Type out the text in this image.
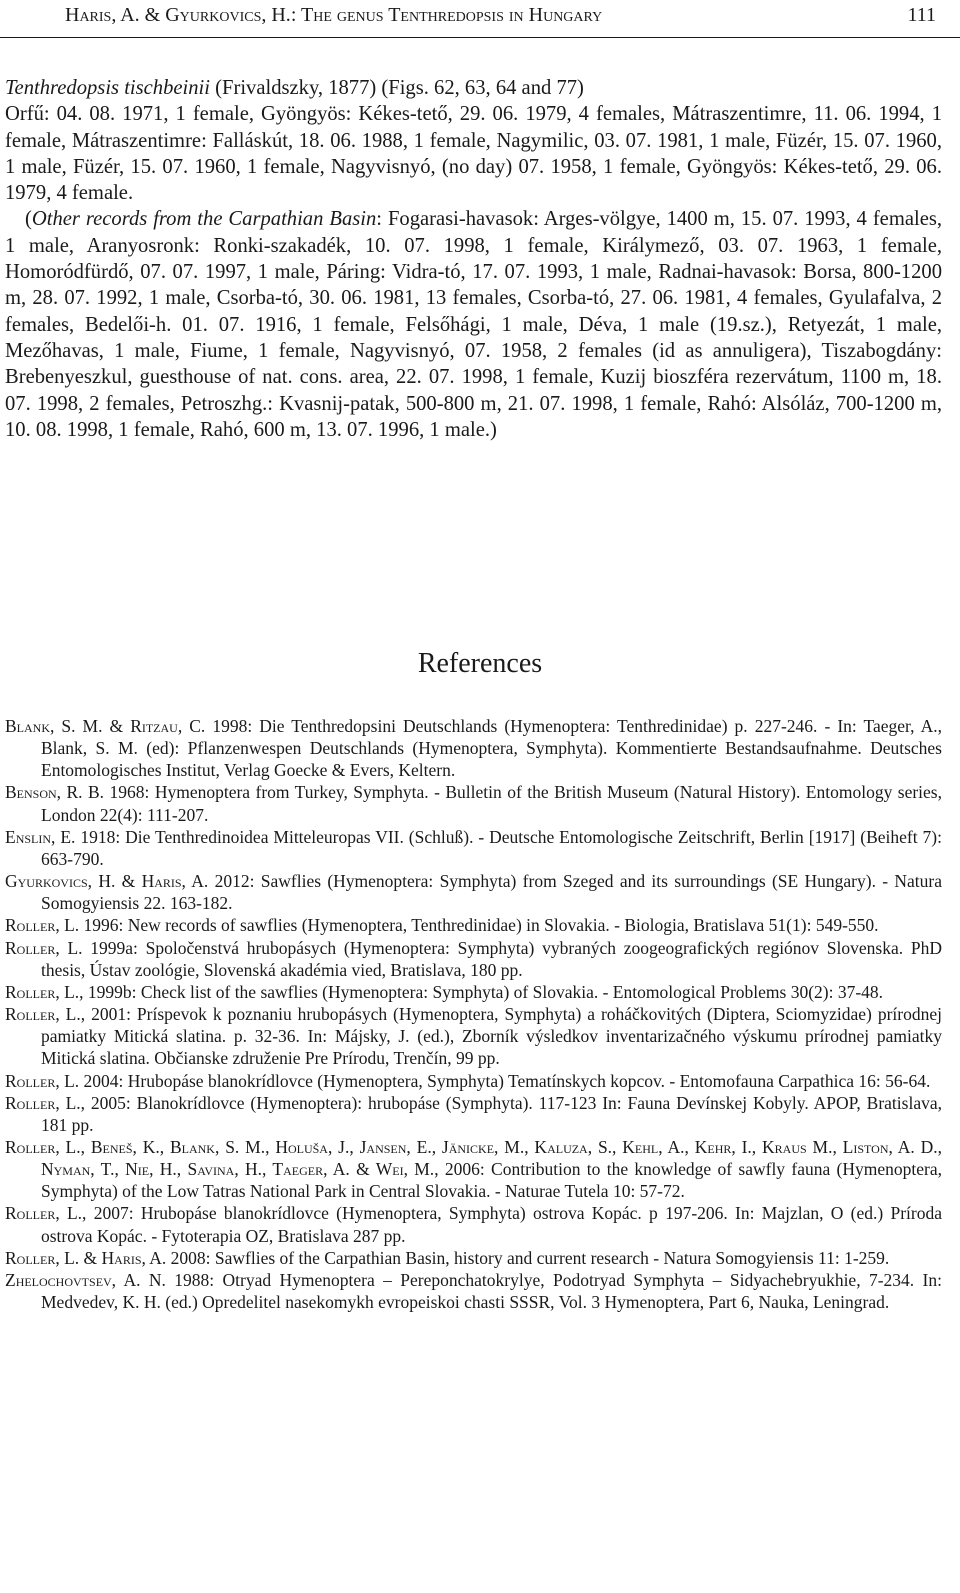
Haris, A. & Gyurkovics, H.: The genus Tenthredopsis in Hungary	111

Tenthredopsis tischbeinii (Frivaldszky, 1877) (Figs. 62, 63, 64 and 77)

Orfű: 04. 08. 1971, 1 female, Gyöngyös: Kékes-tető, 29. 06. 1979, 4 females, Mátraszentimre, 11. 06. 1994, 1 female, Mátraszentimre: Falláskút, 18. 06. 1988, 1 female, Nagymilic, 03. 07. 1981, 1 male, Füzér, 15. 07. 1960, 1 male, Füzér, 15. 07. 1960, 1 female, Nagyvisnyó, (no day) 07. 1958, 1 female, Gyöngyös: Kékes-tető, 29. 06. 1979, 4 female.

(Other records from the Carpathian Basin: Fogarasi-havasok: Arges-völgye, 1400 m, 15. 07. 1993, 4 females, 1 male, Aranyosronk: Ronki-szakadék, 10. 07. 1998, 1 female, Királymező, 03. 07. 1963, 1 female, Homoródfürdő, 07. 07. 1997, 1 male, Páring: Vidra-tó, 17. 07. 1993, 1 male, Radnai-havasok: Borsa, 800-1200 m, 28. 07. 1992, 1 male, Csorba-tó, 30. 06. 1981, 13 females, Csorba-tó, 27. 06. 1981, 4 females, Gyulafalva, 2 females, Bedelői-h. 01. 07. 1916, 1 female, Felsőhági, 1 male, Déva, 1 male (19.sz.), Retyezát, 1 male, Mezőhavas, 1 male, Fiume, 1 female, Nagyvisnyó, 07. 1958, 2 females (id as annuligera), Tiszabogdány: Brebenyeszkul, guesthouse of nat. cons. area, 22. 07. 1998, 1 female, Kuzij bioszféra rezervátum, 1100 m, 18. 07. 1998, 2 females, Petroszhg.: Kvasnij-patak, 500-800 m, 21. 07. 1998, 1 female, Rahó: Alsóláz, 700-1200 m, 10. 08. 1998, 1 female, Rahó, 600 m, 13. 07. 1996, 1 male.)

References

Blank, S. M. & Ritzau, C. 1998: Die Tenthredopsini Deutschlands (Hymenoptera: Tenthredinidae) p. 227-246. - In: Taeger, A., Blank, S. M. (ed): Pflanzenwespen Deutschlands (Hymenoptera, Symphyta). Kommentierte Bestandsaufnahme. Deutsches Entomologisches Institut, Verlag Goecke & Evers, Keltern.

Benson, R. B. 1968: Hymenoptera from Turkey, Symphyta. - Bulletin of the British Museum (Natural History). Entomology series, London 22(4): 111-207.

Enslin, E. 1918: Die Tenthredinoidea Mitteleuropas VII. (Schluß). - Deutsche Entomologische Zeitschrift, Berlin [1917] (Beiheft 7): 663-790.

Gyurkovics, H. & Haris, A. 2012: Sawflies (Hymenoptera: Symphyta) from Szeged and its surroundings (SE Hungary). - Natura Somogyiensis 22. 163-182.

Roller, L. 1996: New records of sawflies (Hymenoptera, Tenthredinidae) in Slovakia. - Biologia, Bratislava 51(1): 549-550.

Roller, L. 1999a: Spoločenstvá hrubopásych (Hymenoptera: Symphyta) vybraných zoogeografických regiónov Slovenska. PhD thesis, Ústav zoológie, Slovenská akadémia vied, Bratislava, 180 pp.

Roller, L., 1999b: Check list of the sawflies (Hymenoptera: Symphyta) of Slovakia. - Entomological Problems 30(2): 37-48.

Roller, L., 2001: Príspevok k poznaniu hrubopásych (Hymenoptera, Symphyta) a roháčkovitých (Diptera, Sciomyzidae) prírodnej pamiatky Mitická slatina. p. 32-36. In: Májsky, J. (ed.), Zborník výsledkov inventarizačného výskumu prírodnej pamiatky Mitická slatina. Občianske združenie Pre Prírodu, Trenčín, 99 pp.

Roller, L. 2004: Hrubopáse blanokrídlovce (Hymenoptera, Symphyta) Tematínskych kopcov. - Entomofauna Carpathica 16: 56-64.

Roller, L., 2005: Blanokrídlovce (Hymenoptera): hrubopáse (Symphyta). 117-123 In: Fauna Devínskej Kobyly. APOP, Bratislava, 181 pp.

Roller, L., Beneš, K., Blank, S. M., Holuša, J., Jansen, E., Jänicke, M., Kaluza, S., Kehl, A., Kehr, I., Kraus M., Liston, A. D., Nyman, T., Nie, H., Savina, H., Taeger, A. & Wei, M., 2006: Contribution to the knowledge of sawfly fauna (Hymenoptera, Symphyta) of the Low Tatras National Park in Central Slovakia. - Naturae Tutela 10: 57-72.

Roller, L., 2007: Hrubopáse blanokrídlovce (Hymenoptera, Symphyta) ostrova Kopác. p 197-206. In: Majzlan, O (ed.) Príroda ostrova Kopác. - Fytoterapia OZ, Bratislava 287 pp.

Roller, L. & Haris, A. 2008: Sawflies of the Carpathian Basin, history and current research - Natura Somogyiensis 11: 1-259.

Zhelochovtsev, A. N. 1988: Otryad Hymenoptera – Pereponchatokrylye, Podotryad Symphyta – Sidyachebryukhie, 7-234. In: Medvedev, K. H. (ed.) Opredelitel nasekomykh evropeiskoi chasti SSSR, Vol. 3 Hymenoptera, Part 6, Nauka, Leningrad.
